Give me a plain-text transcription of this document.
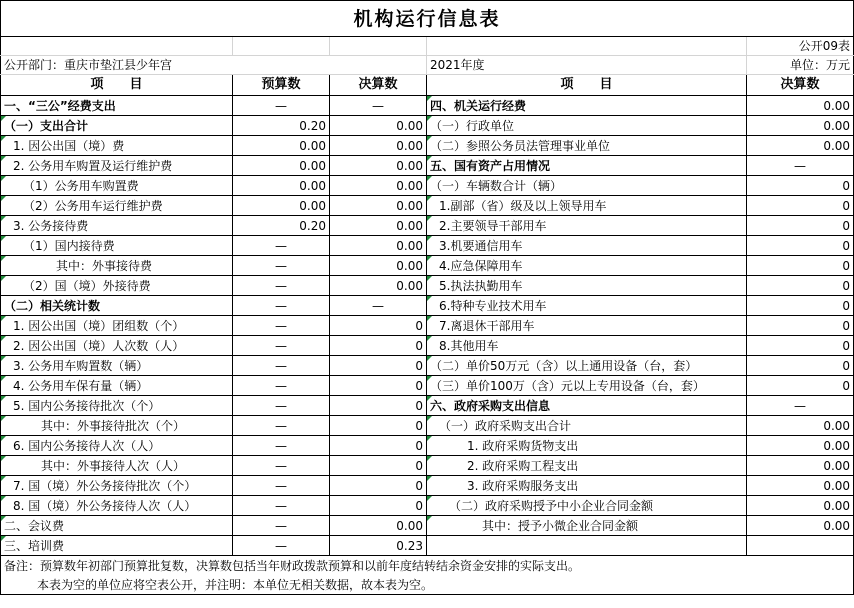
机构运行信息表				
				公开09表
公开部门：重庆市垫江县少年宫			2021年度	单位：万元
项　　目	预算数	决算数	项　　目	决算数
一、“三公”经费支出	—	—	四、机关运行经费	0.00
（一）支出合计	0.20	0.00	（一）行政单位	0.00
1. 因公出国（境）费	0.00	0.00	（二）参照公务员法管理事业单位	0.00
2. 公务用车购置及运行维护费	0.00	0.00	五、国有资产占用情况	—
（1）公务用车购置费	0.00	0.00	（一）车辆数合计（辆）	0
（2）公务用车运行维护费	0.00	0.00	1.副部（省）级及以上领导用车	0
3. 公务接待费	0.20	0.00	2.主要领导干部用车	0
（1）国内接待费	—	0.00	3.机要通信用车	0
其中：外事接待费	—	0.00	4.应急保障用车	0
（2）国（境）外接待费	—	0.00	5.执法执勤用车	0
（二）相关统计数	—	—	6.特种专业技术用车	0
1. 因公出国（境）团组数（个）	—	0	7.离退休干部用车	0
2. 因公出国（境）人次数（人）	—	0	8.其他用车	0
3. 公务用车购置数（辆）	—	0	（二）单价50万元（含）以上通用设备（台，套）	0
4. 公务用车保有量（辆）	—	0	（三）单价100万（含）元以上专用设备（台，套）	0
5. 国内公务接待批次（个）	—	0	六、政府采购支出信息	—
其中：外事接待批次（个）	—	0	（一）政府采购支出合计	0.00
6. 国内公务接待人次（人）	—	0	1. 政府采购货物支出	0.00
其中：外事接待人次（人）	—	0	2. 政府采购工程支出	0.00
7. 国（境）外公务接待批次（个）	—	0	3. 政府采购服务支出	0.00
8. 国（境）外公务接待人次（人）	—	0	（二）政府采购授予中小企业合同金额	0.00
二、会议费	—	0.00	其中：授予小微企业合同金额	0.00
三、培训费	—	0.23		
备注：预算数年初部门预算批复数，决算数包括当年财政拨款预算和以前年度结转结余资金安排的实际支出。				
本表为空的单位应将空表公开，并注明：本单位无相关数据，故本表为空。				
